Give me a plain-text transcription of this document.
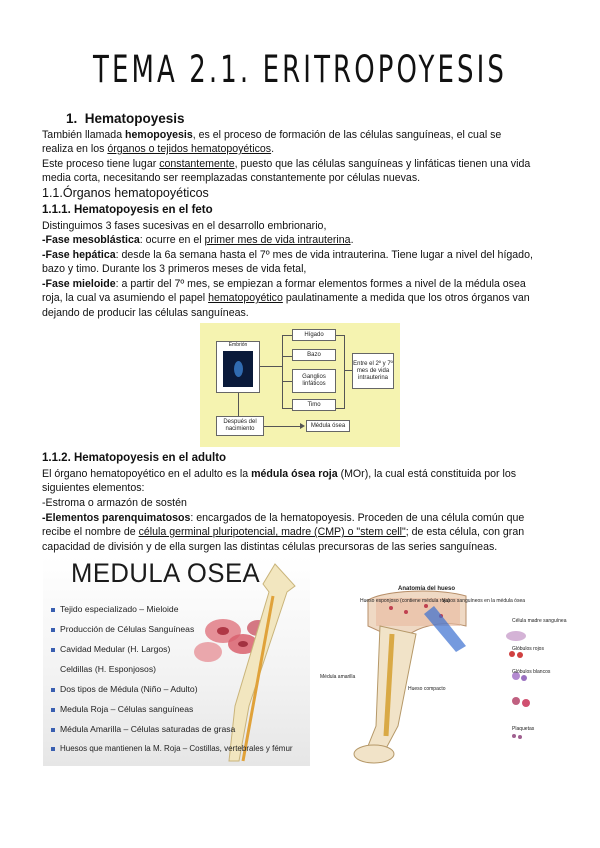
TEMA 2.1. ERITROPOYESIS
1. Hematopoyesis
También llamada hemopoyesis, es el proceso de formación de las células sanguíneas, el cual se
realiza en los órganos o tejidos hematopoyéticos.
Este proceso tiene lugar constantemente, puesto que las células sanguíneas y linfáticas tienen una vida
media corta, necesitando ser reemplazadas constantemente por células nuevas.
1.1.Órganos hematopoyéticos
1.1.1. Hematopoyesis en el feto
Distinguimos 3 fases sucesivas en el desarrollo embrionario,
-Fase mesoblástica: ocurre en el primer mes de vida intrauterina.
-Fase hepática: desde la 6a semana hasta el 7º mes de vida intrauterina. Tiene lugar a nivel del hígado,
bazo y timo. Durante los 3 primeros meses de vida fetal,
-Fase mieloide: a partir del 7º mes, se empiezan a formar elementos formes a nivel de la médula osea
roja, la cual va asumiendo el papel hematopoyético paulatinamente a medida que los otros órganos van
dejando de producir las células sanguíneas.
Embrión
Hígado
Bazo
Ganglios linfáticos
Timo
Entre el 2º y 7º mes de vida intrauterina
Después del nacimiento
Médula ósea
1.1.2. Hematopoyesis en el adulto
El órgano hematopoyético en el adulto es la médula ósea roja (MOr), la cual está constituida por los
siguientes elementos:
-Estroma o armazón de sostén
-Elementos parenquimatosos: encargados de la hematopoyesis. Proceden de una célula común que
recibe el nombre de célula germinal pluripotencial, madre (CMP) o "stem cell"; de esta célula, con gran
capacidad de división y de ella surgen las distintas células precursoras de las series sanguíneas.
MEDULA OSEA
Tejido especializado – Mieloide
Producción de Células Sanguíneas
Cavidad Medular (H. Largos)
Celdillas (H. Esponjosos)
Dos tipos de Médula (Niño – Adulto)
Medula Roja – Células sanguíneas
Médula Amarilla – Células saturadas de grasa
Huesos que mantienen la M. Roja – Costillas, vertebrales y fémur
Anatomía del hueso
Hueso esponjoso (contiene médula roja)
Vasos sanguíneos en la médula ósea
Célula madre sanguínea
Glóbulos rojos
Glóbulos blancos
Médula amarilla
Hueso compacto
Plaquetas
